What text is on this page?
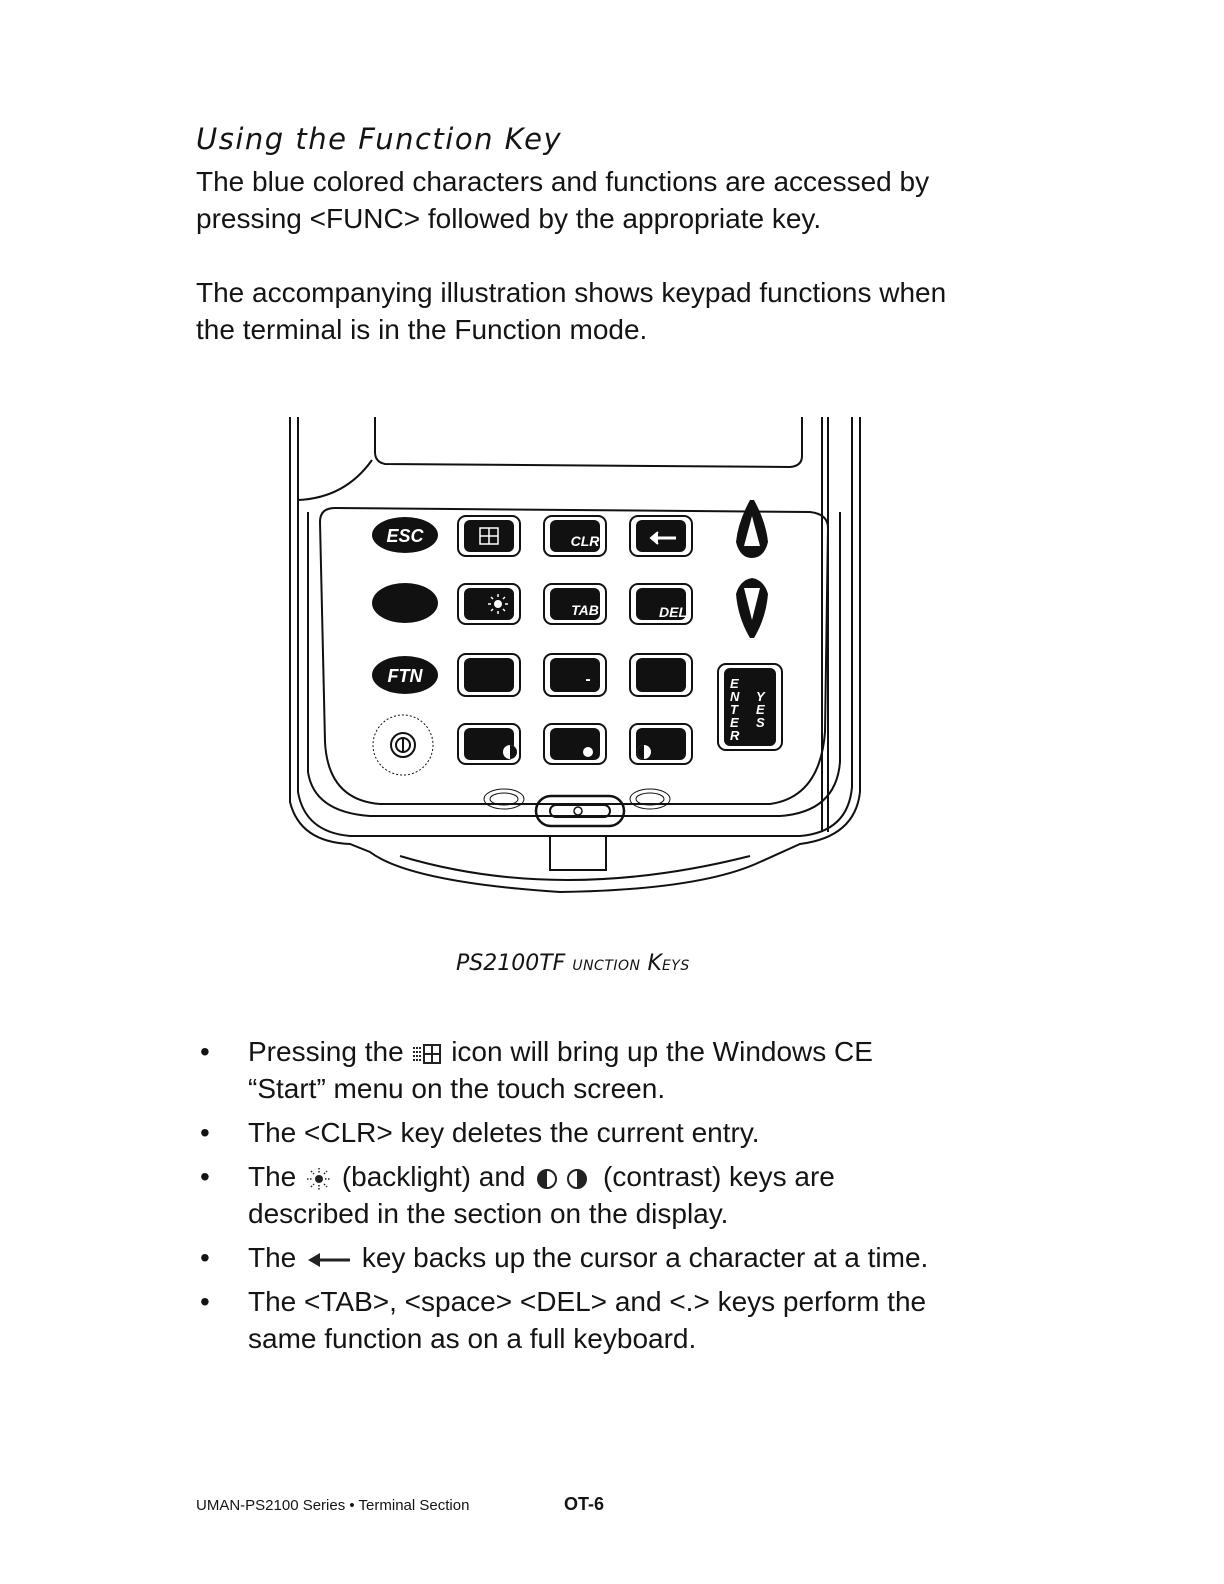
Using the Function Key

The blue colored characters and functions are accessed by pressing <FUNC> followed by the appropriate key.

The accompanying illustration shows keypad functions when the terminal is in the Function mode.

ESC	CLR
TAB	DEL
FTN	-	E N T E R
Y E S
PS2100TF UNCTION KEYS
• Pressing the icon will bring up the Windows CE “Start” menu on the touch screen.
• The <CLR> key deletes the current entry.
• The (backlight) and	(contrast) keys are described in the section on the display.
• The key backs up the cursor a character at a time.
• The <TAB>, <space> <DEL> and <.> keys perform the same function as on a full keyboard.
UMAN-PS2100 Series • Terminal Section	OT-6
